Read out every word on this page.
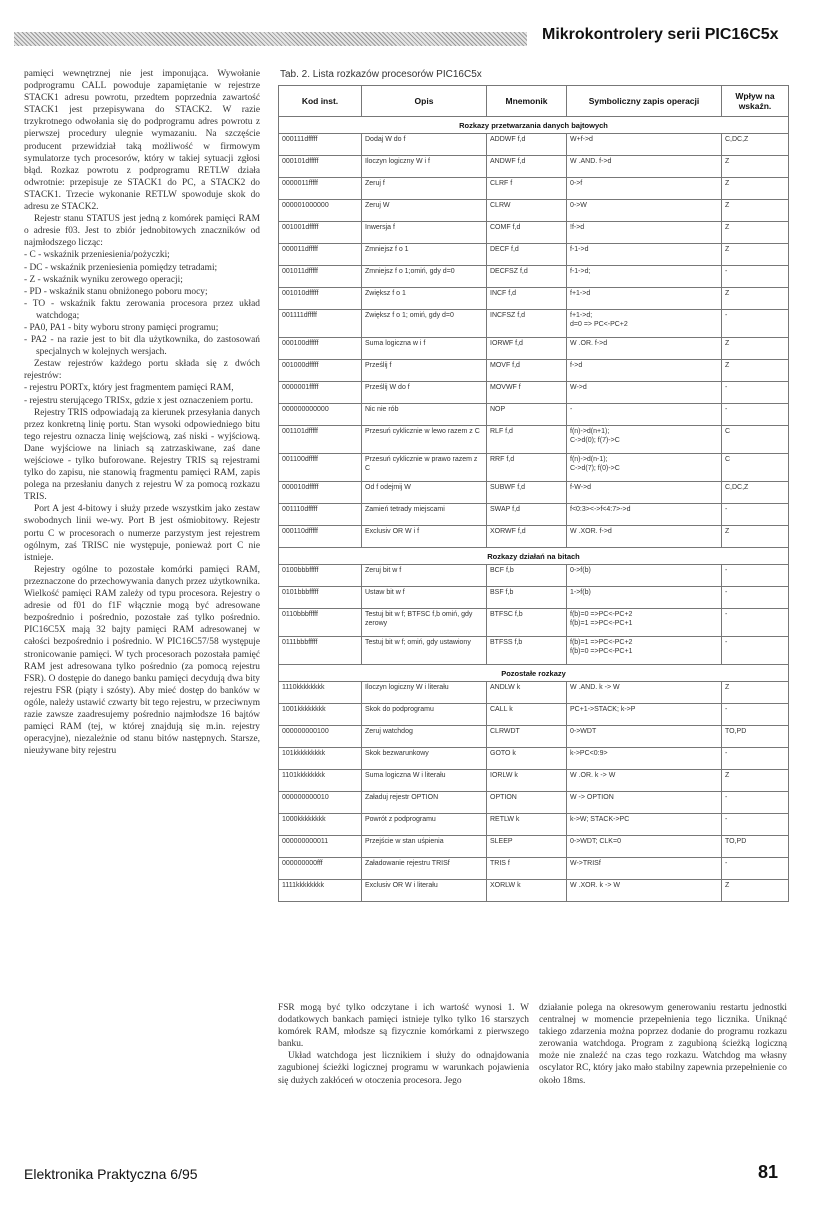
Mikrokontrolery serii PIC16C5x

pamięci wewnętrznej nie jest imponująca. Wywołanie podprogramu CALL powoduje zapamiętanie w rejestrze STACK1 adresu powrotu, przedtem poprzednia zawartość STACK1 jest przepisywana do STACK2. W razie trzykrotnego odwołania się do podprogramu adres powrotu z pierwszej procedury ulegnie wymazaniu. Na szczęście producent przewidział taką możliwość w firmowym symulatorze tych procesorów, który w takiej sytuacji zgłosi błąd. Rozkaz powrotu z podprogramu RETLW działa odwrotnie: przepisuje ze STACK1 do PC, a STACK2 do STACK1. Trzecie wykonanie RETLW spowoduje skok do adresu ze STACK2.

Rejestr stanu STATUS jest jedną z komórek pamięci RAM o adresie f03. Jest to zbiór jednobitowych znaczników od najmłodszego licząc:

- C - wskaźnik przeniesienia/pożyczki;
- DC - wskaźnik przeniesienia pomiędzy tetradami;
- Z - wskaźnik wyniku zerowego operacji;
- PD - wskaźnik stanu obniżonego poboru mocy;
- TO - wskaźnik faktu zerowania procesora przez układ watchdoga;
- PA0, PA1 - bity wyboru strony pamięci programu;
- PA2 - na razie jest to bit dla użytkownika, do zastosowań specjalnych w kolejnych wersjach.

Zestaw rejestrów każdego portu składa się z dwóch rejestrów:

- rejestru PORTx, który jest fragmentem pamięci RAM,
- rejestru sterującego TRISx, gdzie x jest oznaczeniem portu.

Rejestry TRIS odpowiadają za kierunek przesyłania danych przez konkretną linię portu. Stan wysoki odpowiedniego bitu tego rejestru oznacza linię wejściową, zaś niski - wyjściową. Dane wyjściowe na liniach są zatrzaskiwane, zaś dane wejściowe - tylko buforowane. Rejestry TRIS są rejestrami tylko do zapisu, nie stanowią fragmentu pamięci RAM, zapis polega na przesłaniu danych z rejestru W za pomocą rozkazu TRIS.

Port A jest 4-bitowy i służy przede wszystkim jako zestaw swobodnych linii we-wy. Port B jest ośmiobitowy. Rejestr portu C w procesorach o numerze parzystym jest rejestrem ogólnym, zaś TRISC nie występuje, ponieważ port C nie istnieje.

Rejestry ogólne to pozostałe komórki pamięci RAM, przeznaczone do przechowywania danych przez użytkownika. Wielkość pamięci RAM zależy od typu procesora. Rejestry o adresie od f01 do f1F włącznie mogą być adresowane bezpośrednio i pośrednio, pozostałe zaś tylko pośrednio. PIC16C5X mają 32 bajty pamięci RAM adresowanej w całości bezpośrednio i pośrednio. W PIC16C57/58 występuje stronicowanie pamięci. W tych procesorach pozostała pamięć RAM jest adresowana tylko pośrednio (za pomocą rejestru FSR). O dostępie do danego banku pamięci decydują dwa bity rejestru FSR (piąty i szósty). Aby mieć dostęp do banków w ogóle, należy ustawić czwarty bit tego rejestru, w przeciwnym razie zawsze zaadresujemy pośrednio najmłodsze 16 bajtów pamięci RAM (tej, w której znajdują się m.in. rejestry operacyjne), niezależnie od stanu bitów następnych. Starsze, nieużywane bity rejestru

Tab. 2. Lista rozkazów procesorów PIC16C5x
Kod inst.	Opis	Mnemonik	Symboliczny zapis operacji	Wpływ na wskaźn.
Rozkazy przetwarzania danych bajtowych				
000111dfffff	Dodaj W do f	ADDWF f,d	W+f->d	C,DC,Z
000101dfffff	Iloczyn logiczny W i f	ANDWF f,d	W .AND. f->d	Z
0000011fffff	Zeruj f	CLRF f	0->f	Z
000001000000	Zeruj W	CLRW	0->W	Z
001001dfffff	Inwersja f	COMF f,d	!f->d	Z
000011dfffff	Zmniejsz f o 1	DECF f,d	f-1->d	Z
001011dfffff	Zmniejsz f o 1;omiń, gdy d=0	DECFSZ f,d	f-1->d;	-
001010dfffff	Zwiększ f o 1	INCF f,d	f+1->d	Z
001111dfffff	Zwiększ f o 1; omiń, gdy d=0	INCFSZ f,d	f+1->d;
d=0 => PC<-PC+2	-
000100dfffff	Suma logiczna w i f	IORWF f,d	W .OR. f->d	Z
001000dfffff	Prześlij f	MOVF f,d	f->d	Z
0000001fffff	Prześlij W do f	MOVWF f	W->d	-
000000000000	Nic nie rób	NOP	-	-
001101dfffff	Przesuń cyklicznie w lewo razem z C	RLF f,d	f(n)->d(n+1);
C->d(0); f(7)->C	C
001100dfffff	Przesuń cyklicznie w prawo razem z C	RRF f,d	f(n)->d(n-1);
C->d(7); f(0)->C	C
000010dfffff	Od f odejmij W	SUBWF f,d	f-W->d	C,DC,Z
001110dfffff	Zamień tetrady miejscami	SWAP f,d	f<0:3><->f<4:7>->d	-
000110dfffff	Exclusiv OR W i f	XORWF f,d	W .XOR. f->d	Z
Rozkazy działań na bitach				
0100bbbfffff	Zeruj bit w f	BCF f,b	0->f(b)	-
0101bbbfffff	Ustaw bit w f	BSF f,b	1->f(b)	-
0110bbbfffff	Testuj bit w f; BTFSC f,b omiń, gdy zerowy	BTFSC f,b	f(b)=0 =>PC<-PC+2
f(b)=1 =>PC<-PC+1	-
0111bbbfffff	Testuj bit w f; omiń, gdy ustawiony	BTFSS f,b	f(b)=1 =>PC<-PC+2
f(b)=0 =>PC<-PC+1	-
Pozostałe rozkazy				
1110kkkkkkkk	Iloczyn logiczny W i literału	ANDLW k	W .AND. k -> W	Z
1001kkkkkkkk	Skok do podprogramu	CALL k	PC+1->STACK; k->P	-
000000000100	Zeruj watchdog	CLRWDT	0->WDT	TO,PD
101kkkkkkkkk	Skok bezwarunkowy	GOTO k	k->PC<0:9>	-
1101kkkkkkkk	Suma logiczna W i literału	IORLW k	W .OR. k -> W	Z
000000000010	Załaduj rejestr OPTION	OPTION	W -> OPTION	-
1000kkkkkkkk	Powrót z podprogramu	RETLW k	k->W; STACK->PC	-
000000000011	Przejście w stan uśpienia	SLEEP	0->WDT; CLK=0	TO,PD
000000000fff	Załadowanie rejestru TRISf	TRIS f	W->TRISf	-
1111kkkkkkkk	Exclusiv OR W i literału	XORLW k	W .XOR. k -> W	Z

FSR mogą być tylko odczytane i ich wartość wynosi 1. W dodatkowych bankach pamięci istnieje tylko tylko 16 starszych komórek RAM, młodsze są fizycznie komórkami z pierwszego banku.

Układ watchdoga jest licznikiem i służy do odnajdowania zagubionej ścieżki logicznej programu w warunkach pojawienia się dużych zakłóceń w otoczenia procesora. Jego

działanie polega na okresowym generowaniu restartu jednostki centralnej w momencie przepełnienia tego licznika. Uniknąć takiego zdarzenia można poprzez dodanie do programu rozkazu zerowania watchdoga. Program z zagubioną ścieżką logiczną może nie znaleźć na czas tego rozkazu. Watchdog ma własny oscylator RC, który jako mało stabilny zapewnia przepełnienie co około 18ms.

Elektronika Praktyczna 6/95	81
